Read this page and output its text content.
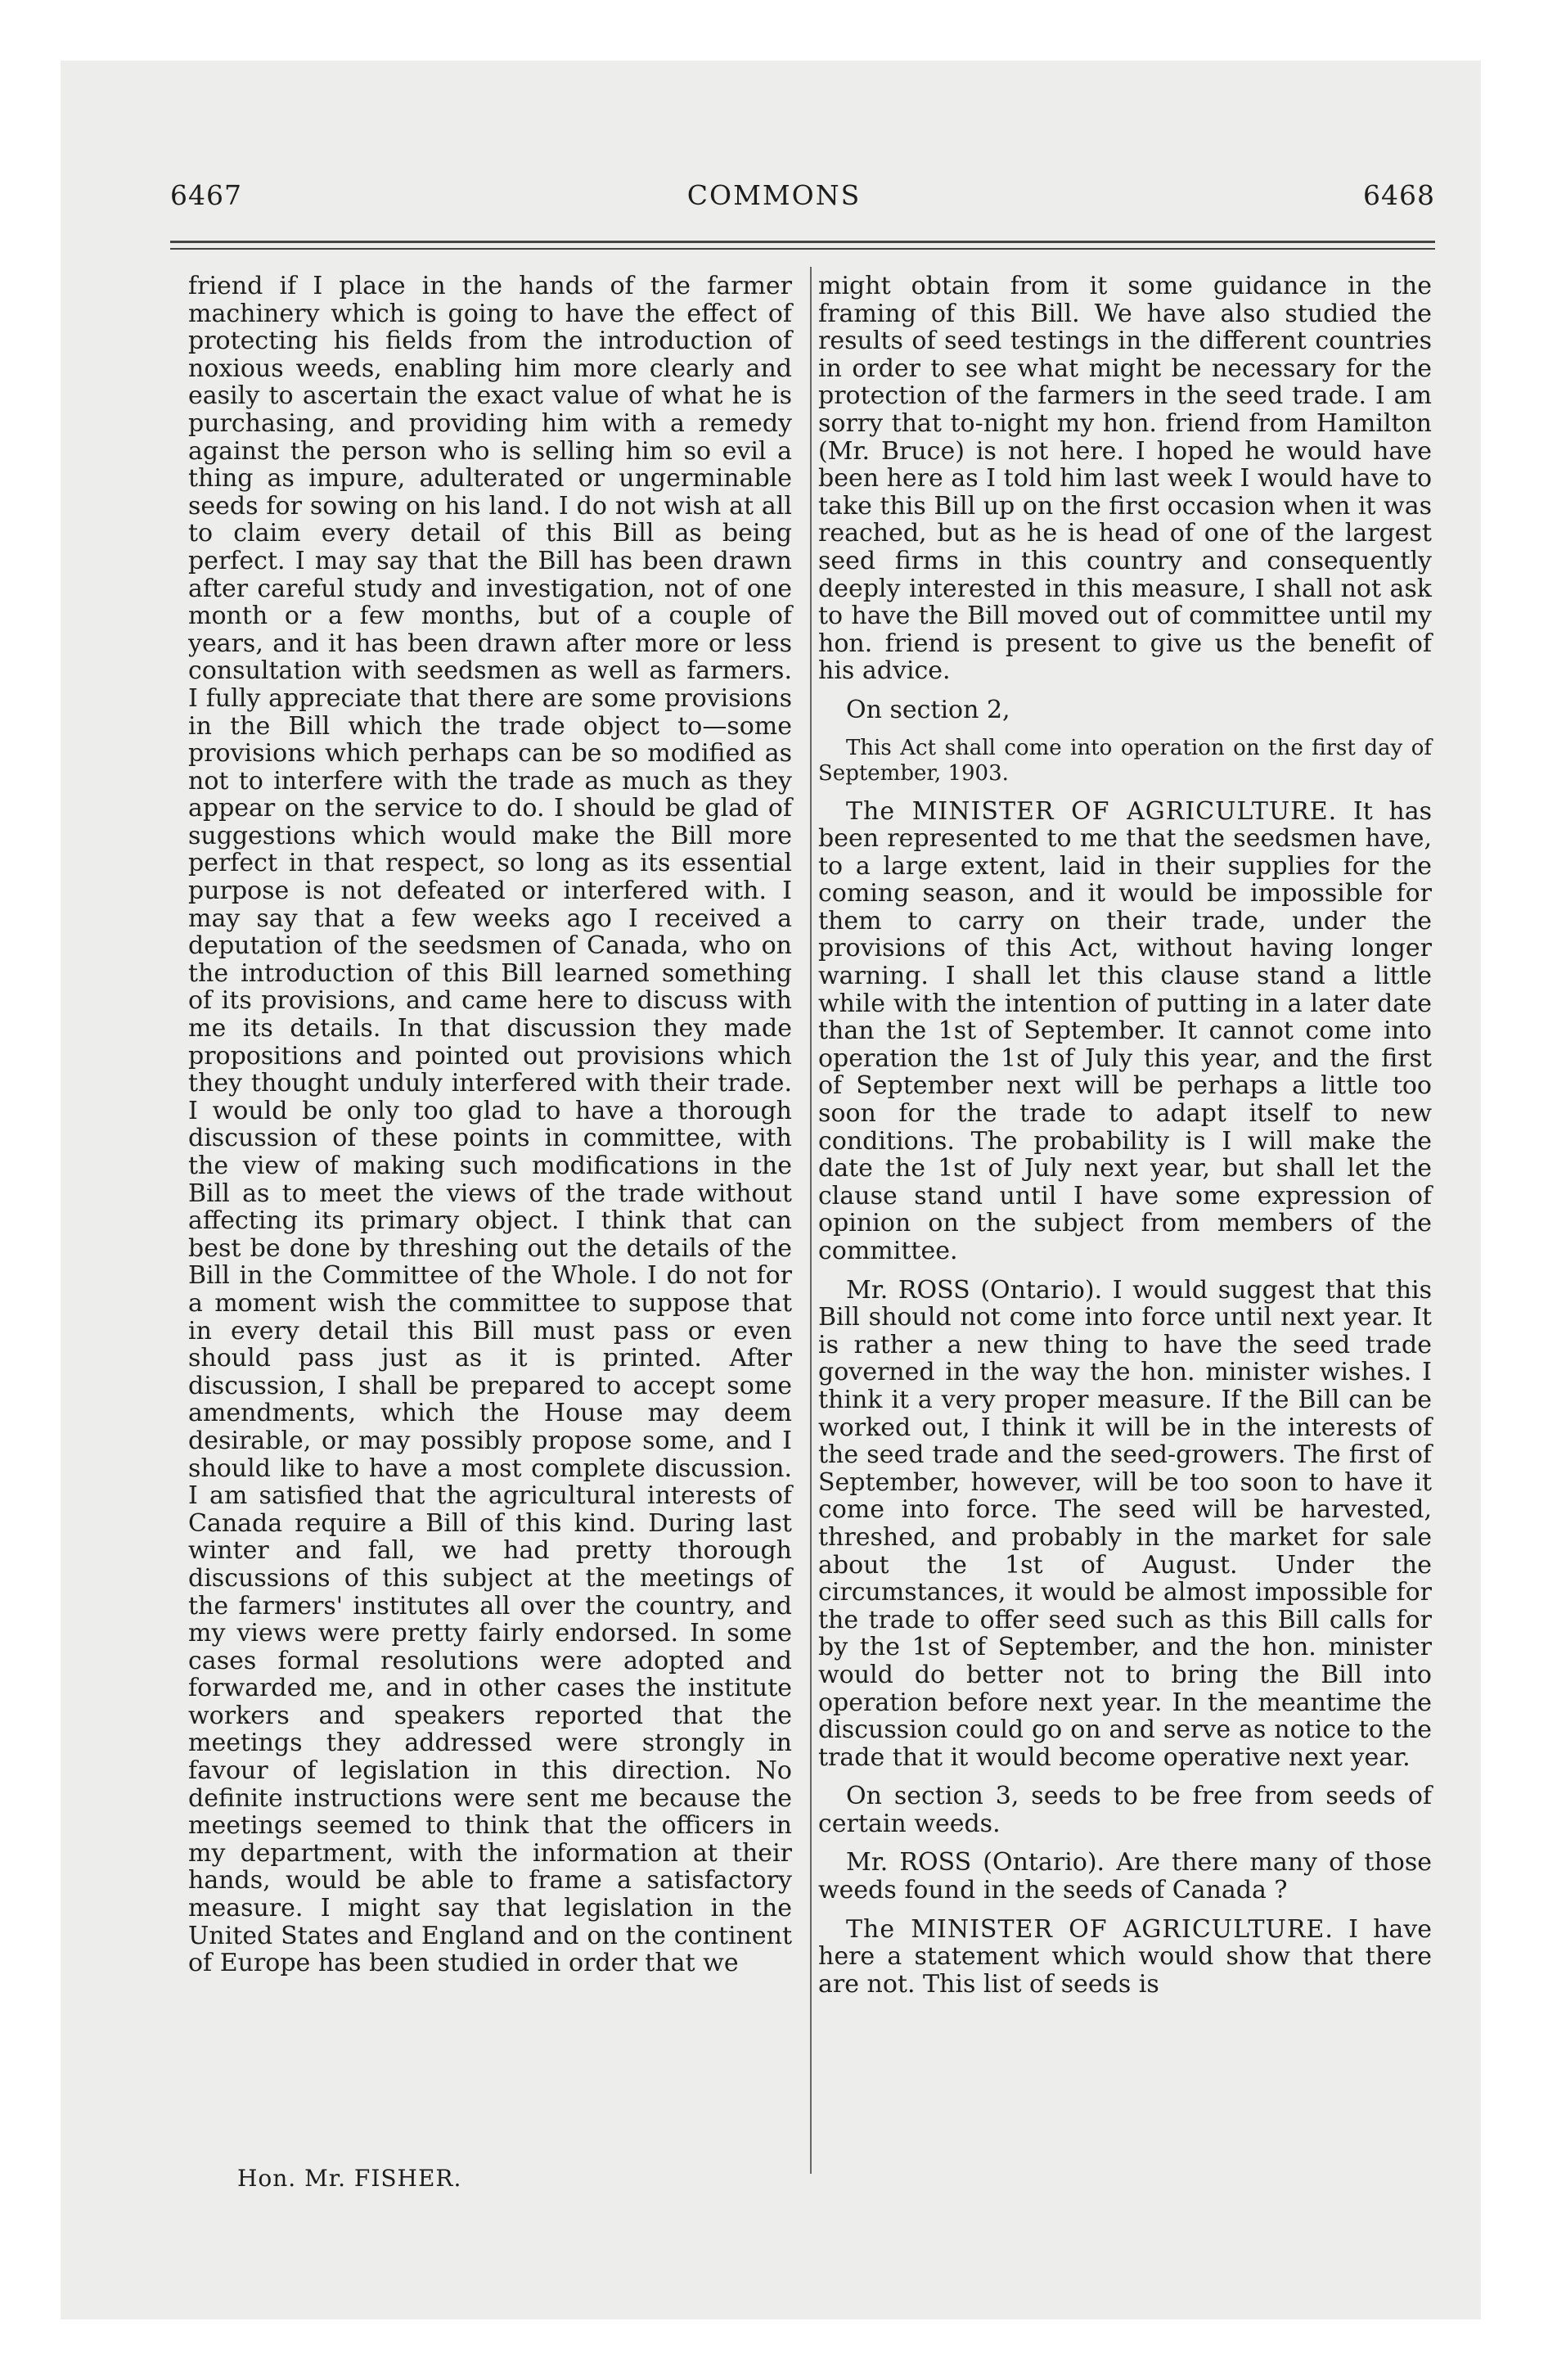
6467	COMMONS	6468

friend if I place in the hands of the farmer machinery which is going to have the effect of protecting his fields from the introduction of noxious weeds, enabling him more clearly and easily to ascertain the exact value of what he is purchasing, and providing him with a remedy against the person who is selling him so evil a thing as impure, adulterated or ungerminable seeds for sowing on his land. I do not wish at all to claim every detail of this Bill as being perfect. I may say that the Bill has been drawn after careful study and investigation, not of one month or a few months, but of a couple of years, and it has been drawn after more or less consultation with seedsmen as well as farmers. I fully appreciate that there are some provisions in the Bill which the trade object to—some provisions which perhaps can be so modified as not to interfere with the trade as much as they appear on the service to do. I should be glad of suggestions which would make the Bill more perfect in that respect, so long as its essential purpose is not defeated or interfered with. I may say that a few weeks ago I received a deputation of the seedsmen of Canada, who on the introduction of this Bill learned something of its provisions, and came here to discuss with me its details. In that discussion they made propositions and pointed out provisions which they thought unduly interfered with their trade. I would be only too glad to have a thorough discussion of these points in committee, with the view of making such modifications in the Bill as to meet the views of the trade without affecting its primary object. I think that can best be done by threshing out the details of the Bill in the Committee of the Whole. I do not for a moment wish the committee to suppose that in every detail this Bill must pass or even should pass just as it is printed. After discussion, I shall be prepared to accept some amendments, which the House may deem desirable, or may possibly propose some, and I should like to have a most complete discussion. I am satisfied that the agricultural interests of Canada require a Bill of this kind. During last winter and fall, we had pretty thorough discussions of this subject at the meetings of the farmers' institutes all over the country, and my views were pretty fairly endorsed. In some cases formal resolutions were adopted and forwarded me, and in other cases the institute workers and speakers reported that the meetings they addressed were strongly in favour of legislation in this direction. No definite instructions were sent me because the meetings seemed to think that the officers in my department, with the information at their hands, would be able to frame a satisfactory measure. I might say that legislation in the United States and England and on the continent of Europe has been studied in order that we

might obtain from it some guidance in the framing of this Bill. We have also studied the results of seed testings in the different countries in order to see what might be necessary for the protection of the farmers in the seed trade. I am sorry that to-night my hon. friend from Hamilton (Mr. Bruce) is not here. I hoped he would have been here as I told him last week I would have to take this Bill up on the first occasion when it was reached, but as he is head of one of the largest seed firms in this country and consequently deeply interested in this measure, I shall not ask to have the Bill moved out of committee until my hon. friend is present to give us the benefit of his advice.

On section 2,

This Act shall come into operation on the first day of September, 1903.

The MINISTER OF AGRICULTURE. It has been represented to me that the seedsmen have, to a large extent, laid in their supplies for the coming season, and it would be impossible for them to carry on their trade, under the provisions of this Act, without having longer warning. I shall let this clause stand a little while with the intention of putting in a later date than the 1st of September. It cannot come into operation the 1st of July this year, and the first of September next will be perhaps a little too soon for the trade to adapt itself to new conditions. The probability is I will make the date the 1st of July next year, but shall let the clause stand until I have some expression of opinion on the subject from members of the committee.

Mr. ROSS (Ontario). I would suggest that this Bill should not come into force until next year. It is rather a new thing to have the seed trade governed in the way the hon. minister wishes. I think it a very proper measure. If the Bill can be worked out, I think it will be in the interests of the seed trade and the seed-growers. The first of September, however, will be too soon to have it come into force. The seed will be harvested, threshed, and probably in the market for sale about the 1st of August. Under the circumstances, it would be almost impossible for the trade to offer seed such as this Bill calls for by the 1st of September, and the hon. minister would do better not to bring the Bill into operation before next year. In the meantime the discussion could go on and serve as notice to the trade that it would become operative next year.

On section 3, seeds to be free from seeds of certain weeds.

Mr. ROSS (Ontario). Are there many of those weeds found in the seeds of Canada ?

The MINISTER OF AGRICULTURE. I have here a statement which would show that there are not. This list of seeds is

Hon. Mr. FISHER.
